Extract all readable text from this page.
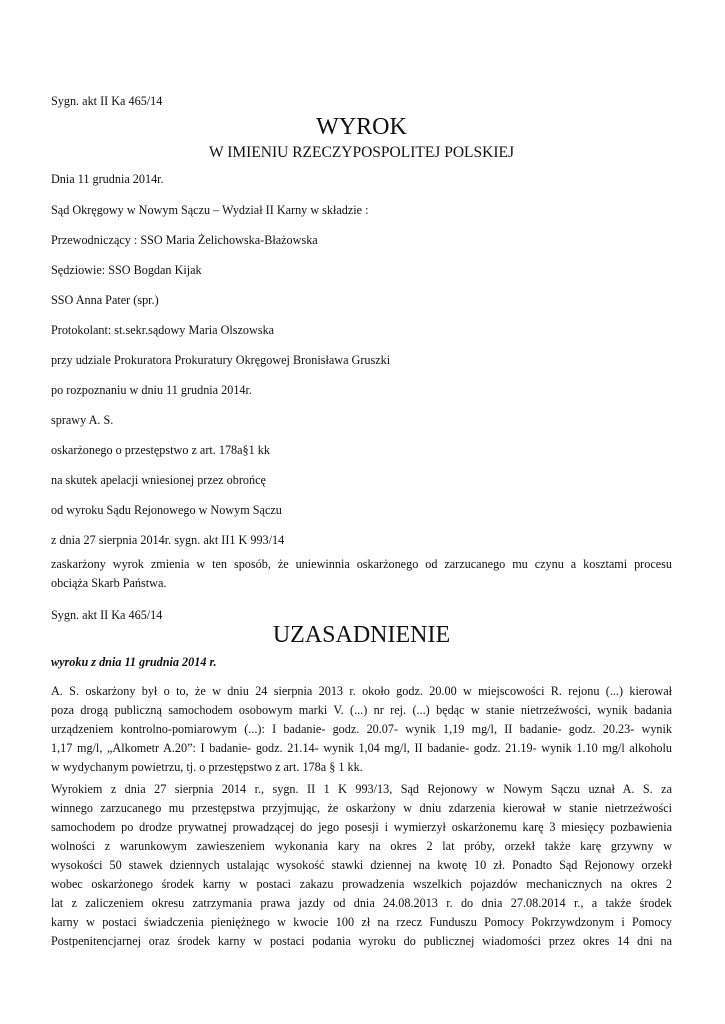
Sygn. akt II Ka 465/14

WYROK
W IMIENIU RZECZYPOSPOLITEJ POLSKIEJ

Dnia 11 grudnia 2014r.

Sąd Okręgowy w Nowym Sączu – Wydział II Karny w składzie :

Przewodniczący : SSO Maria Żelichowska-Błażowska

Sędziowie: SSO Bogdan Kijak

SSO Anna Pater (spr.)

Protokolant: st.sekr.sądowy Maria Olszowska

przy udziale Prokuratora Prokuratury Okręgowej Bronisława Gruszki

po rozpoznaniu w dniu 11 grudnia 2014r.

sprawy A. S.

oskarżonego o przestępstwo z art. 178a§1 kk

na skutek apelacji wniesionej przez obrońcę

od wyroku Sądu Rejonowego w Nowym Sączu

z dnia 27 sierpnia 2014r. sygn. akt II1 K 993/14

zaskarżony wyrok zmienia w ten sposób, że uniewinnia oskarżonego od zarzucanego mu czynu a kosztami procesu
obciąża Skarb Państwa.

Sygn. akt II Ka 465/14

UZASADNIENIE

wyroku z dnia 11 grudnia 2014 r.

A. S. oskarżony był o to, że w dniu 24 sierpnia 2013 r. około godz. 20.00 w miejscowości R. rejonu (...) kierował
poza drogą publiczną samochodem osobowym marki V. (...) nr rej. (...) będąc w stanie nietrzeźwości, wynik badania
urządzeniem kontrolno-pomiarowym (...): I badanie- godz. 20.07- wynik 1,19 mg/l, II badanie- godz. 20.23- wynik
1,17 mg/l, „Alkometr A.20”: I badanie- godz. 21.14- wynik 1,04 mg/l, II badanie- godz. 21.19- wynik 1.10 mg/l alkoholu
w wydychanym powietrzu, tj. o przestępstwo z art. 178a § 1 kk.
Wyrokiem z dnia 27 sierpnia 2014 r., sygn. II 1 K 993/13, Sąd Rejonowy w Nowym Sączu uznał A. S. za
winnego zarzucanego mu przestępstwa przyjmując, że oskarżony w dniu zdarzenia kierował w stanie nietrzeźwości
samochodem po drodze prywatnej prowadzącej do jego posesji i wymierzył oskarżonemu karę 3 miesięcy pozbawienia
wolności z warunkowym zawieszeniem wykonania kary na okres 2 lat próby, orzekł także karę grzywny w
wysokości 50 stawek dziennych ustalając wysokość stawki dziennej na kwotę 10 zł. Ponadto Sąd Rejonowy orzekł
wobec oskarżonego środek karny w postaci zakazu prowadzenia wszelkich pojazdów mechanicznych na okres 2
lat z zaliczeniem okresu zatrzymania prawa jazdy od dnia 24.08.2013 r. do dnia 27.08.2014 r., a także środek
karny w postaci świadczenia pieniężnego w kwocie 100 zł na rzecz Funduszu Pomocy Pokrzywdzonym i Pomocy
Postpenitencjarnej oraz środek karny w postaci podania wyroku do publicznej wiadomości przez okres 14 dni na
